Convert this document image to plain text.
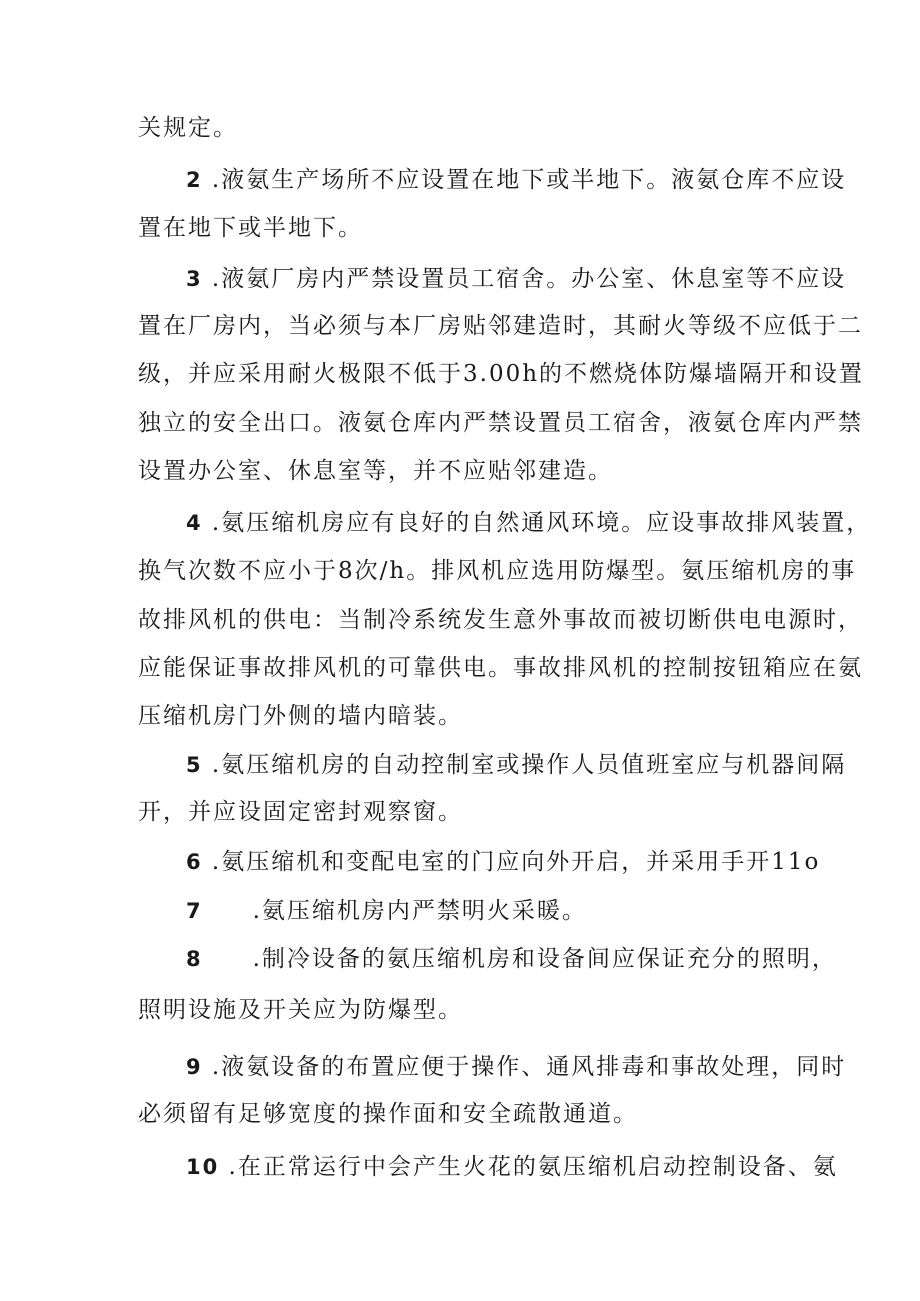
关规定。
2 .液氨生产场所不应设置在地下或半地下。液氨仓库不应设
置在地下或半地下。
3 .液氨厂房内严禁设置员工宿舍。办公室、休息室等不应设
置在厂房内，当必须与本厂房贴邻建造时，其耐火等级不应低于二
级，并应采用耐火极限不低于3.00h的不燃烧体防爆墙隔开和设置
独立的安全出口。液氨仓库内严禁设置员工宿舍，液氨仓库内严禁
设置办公室、休息室等，并不应贴邻建造。
4 .氨压缩机房应有良好的自然通风环境。应设事故排风装置，
换气次数不应小于8次/h。排风机应选用防爆型。氨压缩机房的事
故排风机的供电：当制冷系统发生意外事故而被切断供电电源时，
应能保证事故排风机的可靠供电。事故排风机的控制按钮箱应在氨
压缩机房门外侧的墙内暗装。
5 .氨压缩机房的自动控制室或操作人员值班室应与机器间隔
开，并应设固定密封观察窗。
6 .氨压缩机和变配电室的门应向外开启，并采用手开11o
7 .氨压缩机房内严禁明火采暖。
8 .制冷设备的氨压缩机房和设备间应保证充分的照明，
照明设施及开关应为防爆型。
9 .液氨设备的布置应便于操作、通风排毒和事故处理，同时
必须留有足够宽度的操作面和安全疏散通道。
10 .在正常运行中会产生火花的氨压缩机启动控制设备、氨
